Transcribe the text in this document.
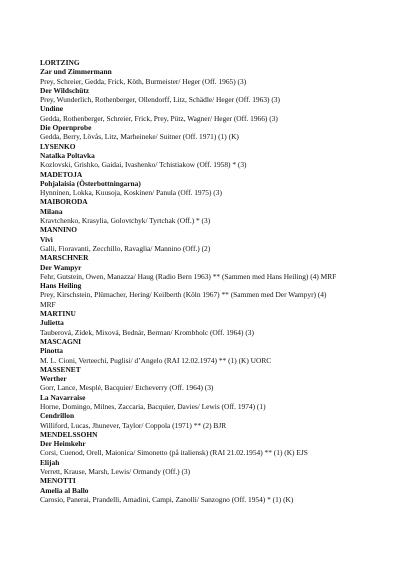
LORTZING
Zar und Zimmermann
Prey, Schreier, Gedda, Frick, Köth, Burmeister/ Heger (Off. 1965) (3)
Der Wildschütz
Prey, Wunderlich, Rothenberger, Ollendorff, Litz, Schädle/ Heger (Off. 1963) (3)
Undine
Gedda, Rothenberger, Schreier, Frick, Prey, Pütz, Wagner/ Heger (Off. 1966) (3)
Die Opernprobe
Gedda, Berry, Lövås, Litz, Marheineke/ Suitner (Off. 1971) (1) (K)
LYSENKO
Natalka Poltavka
Kozlovski, Grishko, Gaidai, Ivashenko/ Tchistiakow (Off. 1958) * (3)
MADETOJA
Pohjalaisia (Österbottningarna)
Hynninen, Lokka, Kuusoja, Koskinen/ Panula (Off. 1975) (3)
MAIBORODA
Milana
Kravtchenko, Krasylia, Golovtchyk/ Tyrtchak (Off.) * (3)
MANNINO
Vivì
Galli, Fioravanti, Zecchillo, Ravaglia/ Mannino (Off.) (2)
MARSCHNER
Der Wampyr
Fehr, Gutstein, Owen, Manazza/ Haug (Radio Bern 1963) ** (Sammen med Hans Heiling) (4) MRF
Hans Heiling
Prey, Kirschstein, Plümacher, Hering/ Keilberth (Köln 1967) ** (Sammen med Der Wampyr) (4)
MRF
MARTINU
Julietta
Tauberová, Zídek, Mixová, Bednár, Berman/ Krombholc (Off. 1964) (3)
MASCAGNI
Pinotta
M. L. Cioni, Verteechi, Puglisi/ d’Angelo (RAI 12.02.1974) ** (1) (K) UORC
MASSENET
Werther
Gorr, Lance, Mesplé, Bacquier/ Etcheverry (Off. 1964) (3)
La Navarraise
Horne, Domingo, Milnes, Zaccaria, Bacquier, Davies/ Lewis (Off. 1974) (1)
Cendrillon
Williford, Lucas, Jhunever, Taylor/ Coppola (1971) ** (2) BJR
MENDELSSOHN
Der Heimkehr
Corsi, Cuenod, Orell, Maionica/ Simonetto (på italiensk) (RAI 21.02.1954) ** (1) (K) EJS
Elijah
Verrett, Krause, Marsh, Lewis/ Ormandy (Off.) (3)
MENOTTI
Amelia al Ballo
Carosio, Panerai, Prandelli, Amadini, Campi, Zanolli/ Sanzogno (Off. 1954) * (1) (K)
